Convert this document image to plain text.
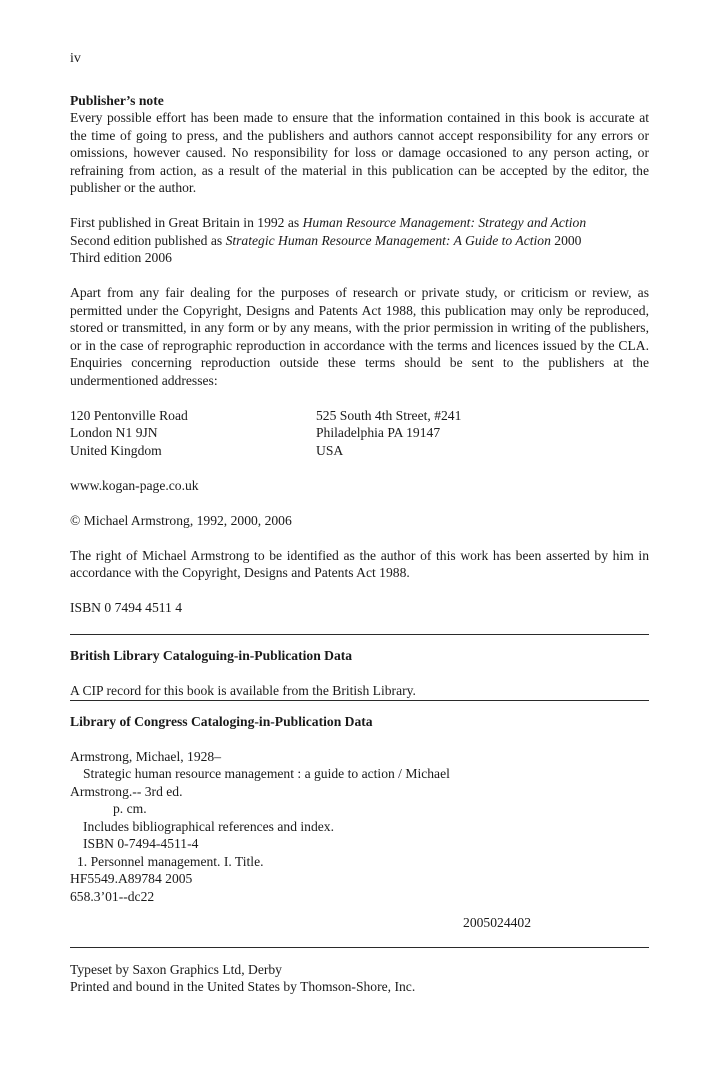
iv
Publisher’s note

Every possible effort has been made to ensure that the information contained in this book is accurate at the time of going to press, and the publishers and authors cannot accept responsibility for any errors or omissions, however caused. No responsibility for loss or damage occasioned to any person acting, or refraining from action, as a result of the material in this publication can be accepted by the editor, the publisher or the author.

First published in Great Britain in 1992 as Human Resource Management: Strategy and Action
Second edition published as Strategic Human Resource Management: A Guide to Action 2000
Third edition 2006

Apart from any fair dealing for the purposes of research or private study, or criticism or review, as permitted under the Copyright, Designs and Patents Act 1988, this publication may only be reproduced, stored or transmitted, in any form or by any means, with the prior permission in writing of the publishers, or in the case of reprographic reproduction in accordance with the terms and licences issued by the CLA. Enquiries concerning reproduction outside these terms should be sent to the publishers at the undermentioned addresses:

120 Pentonville Road
London N1 9JN
United Kingdom
525 South 4th Street, #241
Philadelphia PA 19147
USA

www.kogan-page.co.uk

© Michael Armstrong, 1992, 2000, 2006

The right of Michael Armstrong to be identified as the author of this work has been asserted by him in accordance with the Copyright, Designs and Patents Act 1988.

ISBN 0 7494 4511 4

British Library Cataloguing-in-Publication Data

A CIP record for this book is available from the British Library.

Library of Congress Cataloging-in-Publication Data

Armstrong, Michael, 1928–
Strategic human resource management : a guide to action / Michael
Armstrong.-- 3rd ed.
p. cm.
Includes bibliographical references and index.
ISBN 0-7494-4511-4
1. Personnel management. I. Title.
HF5549.A89784 2005
658.3’01--dc22
2005024402
Typeset by Saxon Graphics Ltd, Derby
Printed and bound in the United States by Thomson-Shore, Inc.
